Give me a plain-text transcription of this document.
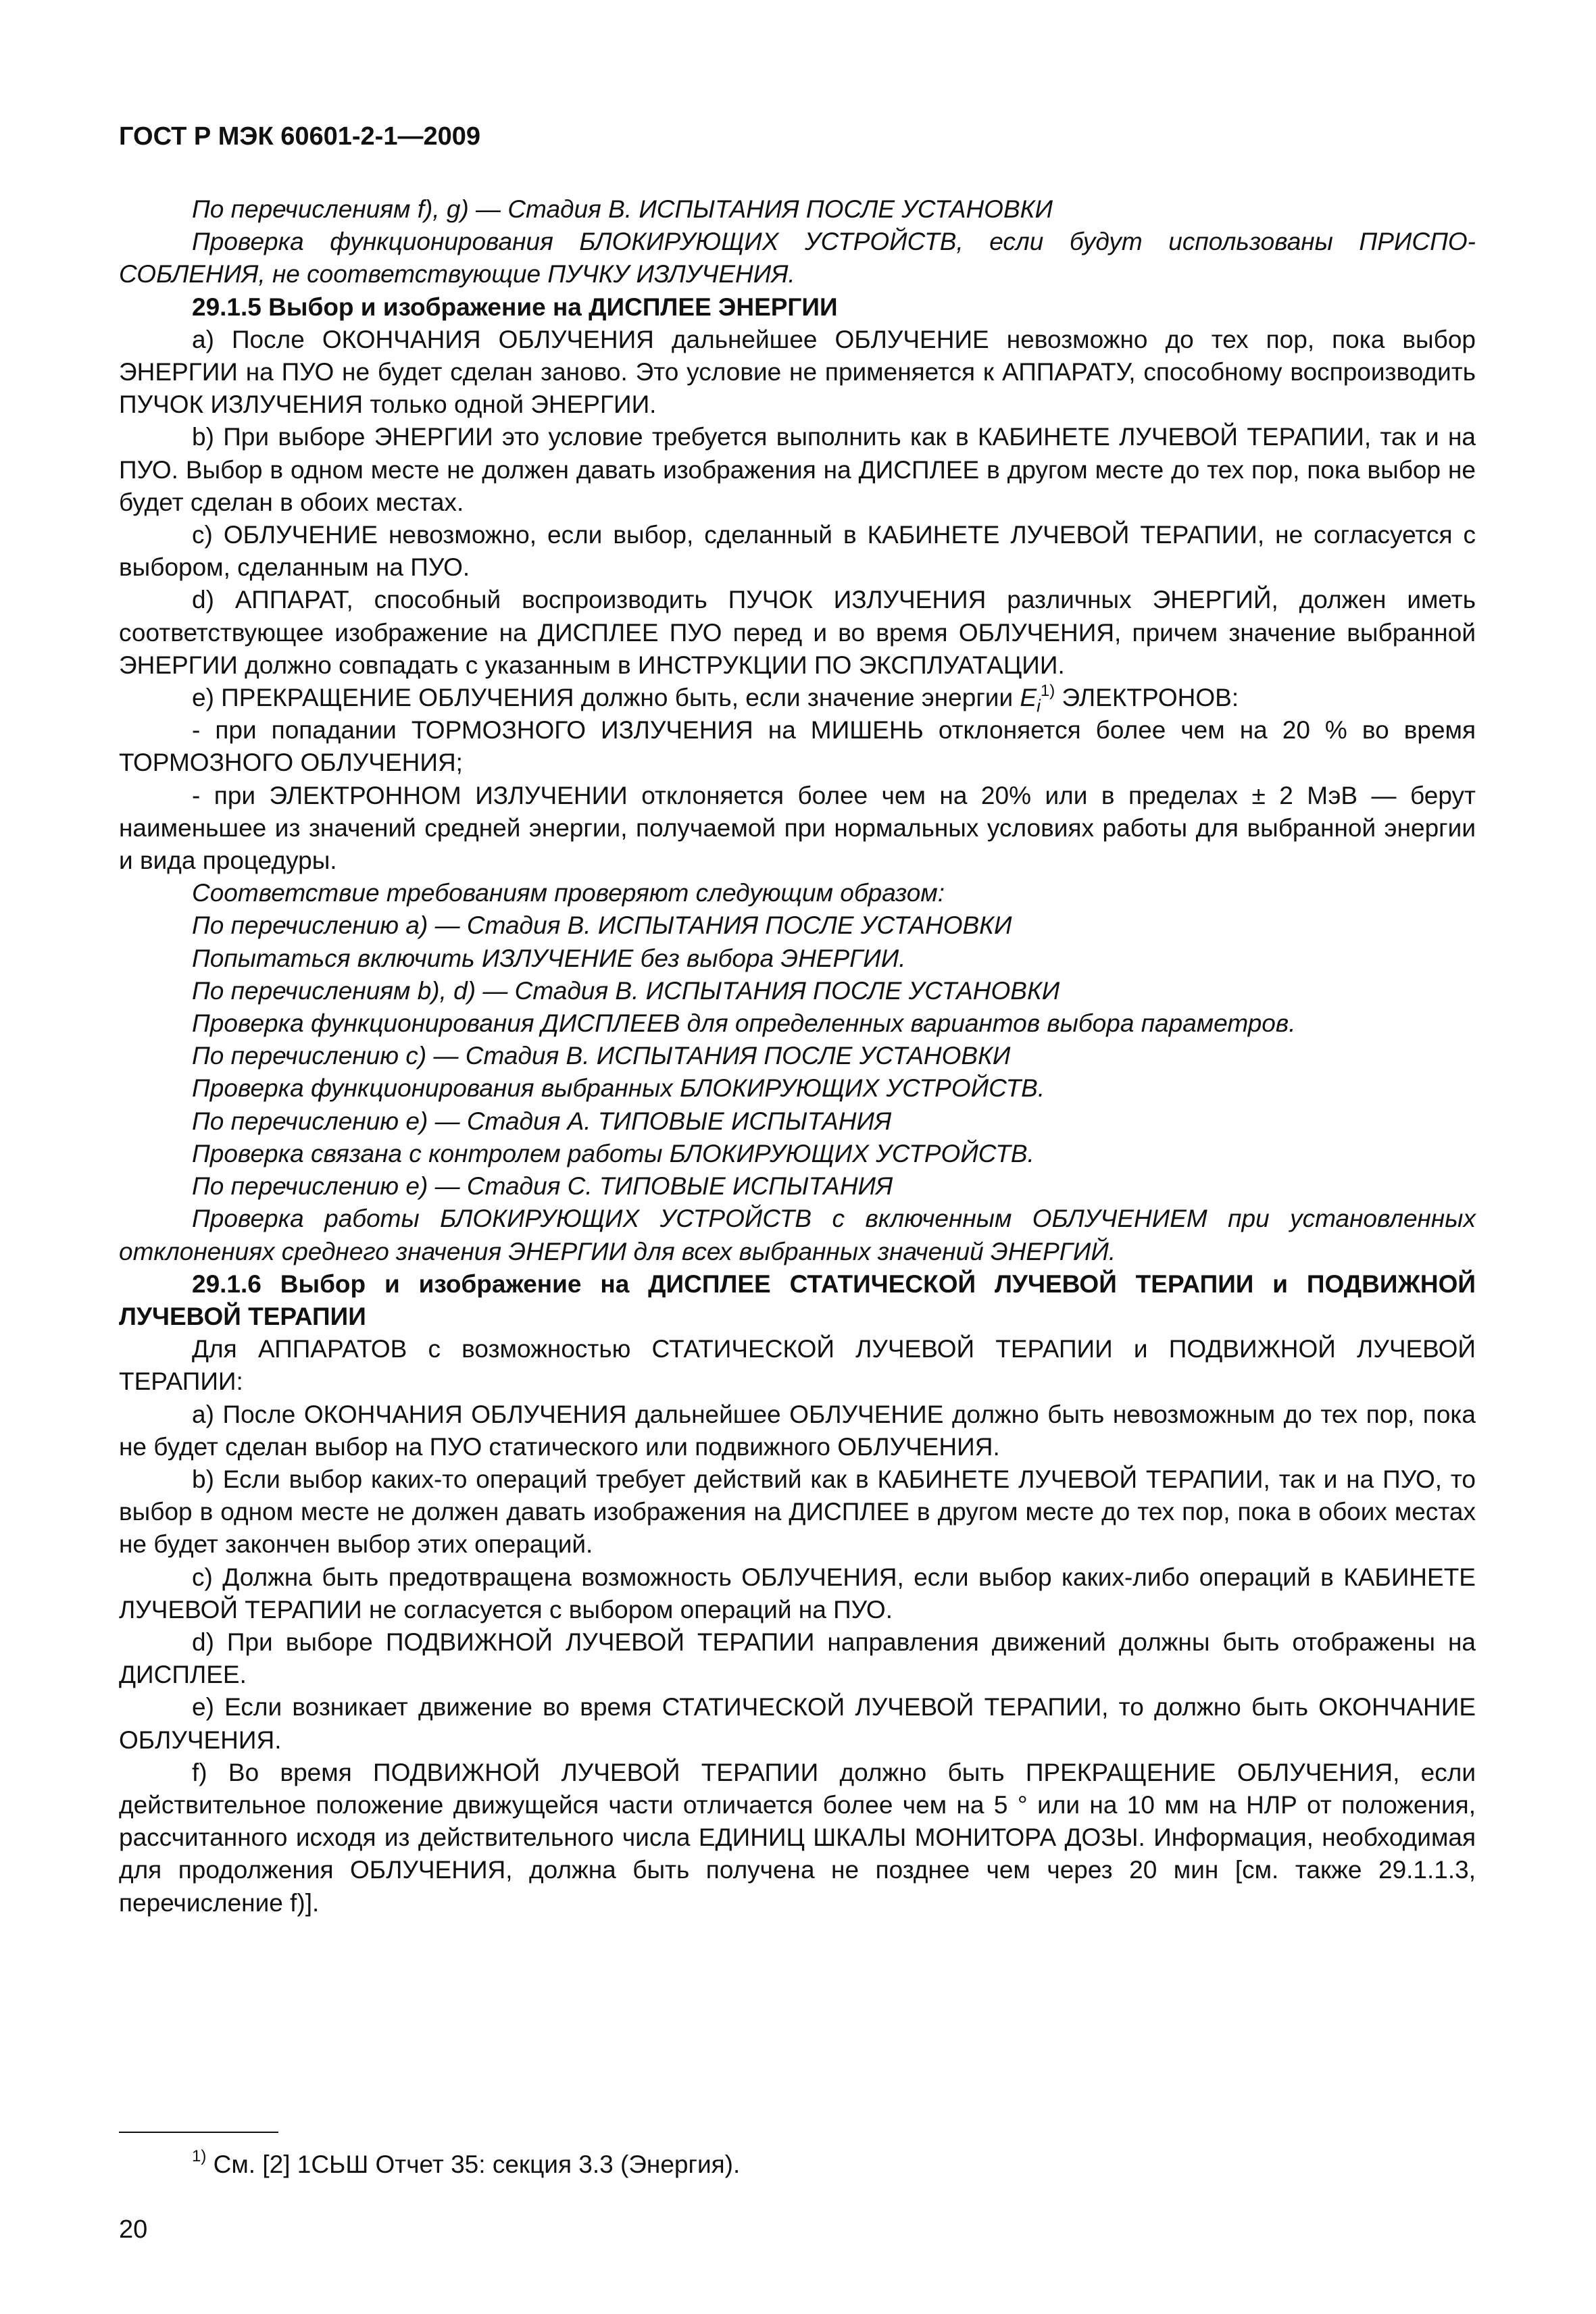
ГОСТ Р МЭК 60601-2-1—2009

По перечислениям f), g) — Стадия В. ИСПЫТАНИЯ ПОСЛЕ УСТАНОВКИ

Проверка функционирования БЛОКИРУЮЩИХ УСТРОЙСТВ, если будут использованы ПРИСПОСОБЛЕНИЯ, не соответствующие ПУЧКУ ИЗЛУЧЕНИЯ.

29.1.5 Выбор и изображение на ДИСПЛЕЕ ЭНЕРГИИ

а) После ОКОНЧАНИЯ ОБЛУЧЕНИЯ дальнейшее ОБЛУЧЕНИЕ невозможно до тех пор, пока выбор ЭНЕРГИИ на ПУО не будет сделан заново. Это условие не применяется к АППАРАТУ, способному воспроизводить ПУЧОК ИЗЛУЧЕНИЯ только одной ЭНЕРГИИ.

b) При выборе ЭНЕРГИИ это условие требуется выполнить как в КАБИНЕТЕ ЛУЧЕВОЙ ТЕРАПИИ, так и на ПУО. Выбор в одном месте не должен давать изображения на ДИСПЛЕЕ в другом месте до тех пор, пока выбор не будет сделан в обоих местах.

c) ОБЛУЧЕНИЕ невозможно, если выбор, сделанный в КАБИНЕТЕ ЛУЧЕВОЙ ТЕРАПИИ, не согласуется с выбором, сделанным на ПУО.

d) АППАРАТ, способный воспроизводить ПУЧОК ИЗЛУЧЕНИЯ различных ЭНЕРГИЙ, должен иметь соответствующее изображение на ДИСПЛЕЕ ПУО перед и во время ОБЛУЧЕНИЯ, причем значение выбранной ЭНЕРГИИ должно совпадать с указанным в ИНСТРУКЦИИ ПО ЭКСПЛУАТАЦИИ.

е) ПРЕКРАЩЕНИЕ ОБЛУЧЕНИЯ должно быть, если значение энергии $E_i^{1)}$ ЭЛЕКТРОНОВ:

- при попадании ТОРМОЗНОГО ИЗЛУЧЕНИЯ на МИШЕНЬ отклоняется более чем на 20 % во время ТОРМОЗНОГО ОБЛУЧЕНИЯ;

- при ЭЛЕКТРОННОМ ИЗЛУЧЕНИИ отклоняется более чем на 20% или в пределах ± 2 МэВ — берут наименьшее из значений средней энергии, получаемой при нормальных условиях работы для выбранной энергии и вида процедуры.

Соответствие требованиям проверяют следующим образом:

По перечислению а) — Стадия В. ИСПЫТАНИЯ ПОСЛЕ УСТАНОВКИ

Попытаться включить ИЗЛУЧЕНИЕ без выбора ЭНЕРГИИ.

По перечислениям b), d) — Стадия В. ИСПЫТАНИЯ ПОСЛЕ УСТАНОВКИ

Проверка функционирования ДИСПЛЕЕВ для определенных вариантов выбора параметров.

По перечислению c) — Стадия В. ИСПЫТАНИЯ ПОСЛЕ УСТАНОВКИ

Проверка функционирования выбранных БЛОКИРУЮЩИХ УСТРОЙСТВ.

По перечислению е) — Стадия А. ТИПОВЫЕ ИСПЫТАНИЯ

Проверка связана с контролем работы БЛОКИРУЮЩИХ УСТРОЙСТВ.

По перечислению е) — Стадия С. ТИПОВЫЕ ИСПЫТАНИЯ

Проверка работы БЛОКИРУЮЩИХ УСТРОЙСТВ с включенным ОБЛУЧЕНИЕМ при установленных отклонениях среднего значения ЭНЕРГИИ для всех выбранных значений ЭНЕРГИЙ.

29.1.6 Выбор и изображение на ДИСПЛЕЕ СТАТИЧЕСКОЙ ЛУЧЕВОЙ ТЕРАПИИ и ПОДВИЖНОЙ ЛУЧЕВОЙ ТЕРАПИИ

Для АППАРАТОВ с возможностью СТАТИЧЕСКОЙ ЛУЧЕВОЙ ТЕРАПИИ и ПОДВИЖНОЙ ЛУЧЕВОЙ ТЕРАПИИ:

а) После ОКОНЧАНИЯ ОБЛУЧЕНИЯ дальнейшее ОБЛУЧЕНИЕ должно быть невозможным до тех пор, пока не будет сделан выбор на ПУО статического или подвижного ОБЛУЧЕНИЯ.

b) Если выбор каких-то операций требует действий как в КАБИНЕТЕ ЛУЧЕВОЙ ТЕРАПИИ, так и на ПУО, то выбор в одном месте не должен давать изображения на ДИСПЛЕЕ в другом месте до тех пор, пока в обоих местах не будет закончен выбор этих операций.

c) Должна быть предотвращена возможность ОБЛУЧЕНИЯ, если выбор каких-либо операций в КАБИНЕТЕ ЛУЧЕВОЙ ТЕРАПИИ не согласуется с выбором операций на ПУО.

d) При выборе ПОДВИЖНОЙ ЛУЧЕВОЙ ТЕРАПИИ направления движений должны быть отображены на ДИСПЛЕЕ.

e) Если возникает движение во время СТАТИЧЕСКОЙ ЛУЧЕВОЙ ТЕРАПИИ, то должно быть ОКОНЧАНИЕ ОБЛУЧЕНИЯ.

f) Во время ПОДВИЖНОЙ ЛУЧЕВОЙ ТЕРАПИИ должно быть ПРЕКРАЩЕНИЕ ОБЛУЧЕНИЯ, если действительное положение движущейся части отличается более чем на 5 ° или на 10 мм на НЛР от положения, рассчитанного исходя из действительного числа ЕДИНИЦ ШКАЛЫ МОНИТОРА ДОЗЫ. Информация, необходимая для продолжения ОБЛУЧЕНИЯ, должна быть получена не позднее чем через 20 мин [см. также 29.1.1.3, перечисление f)].

$^{1)}$ См. [2] 1СЬШ Отчет 35: секция 3.3 (Энергия).
20
